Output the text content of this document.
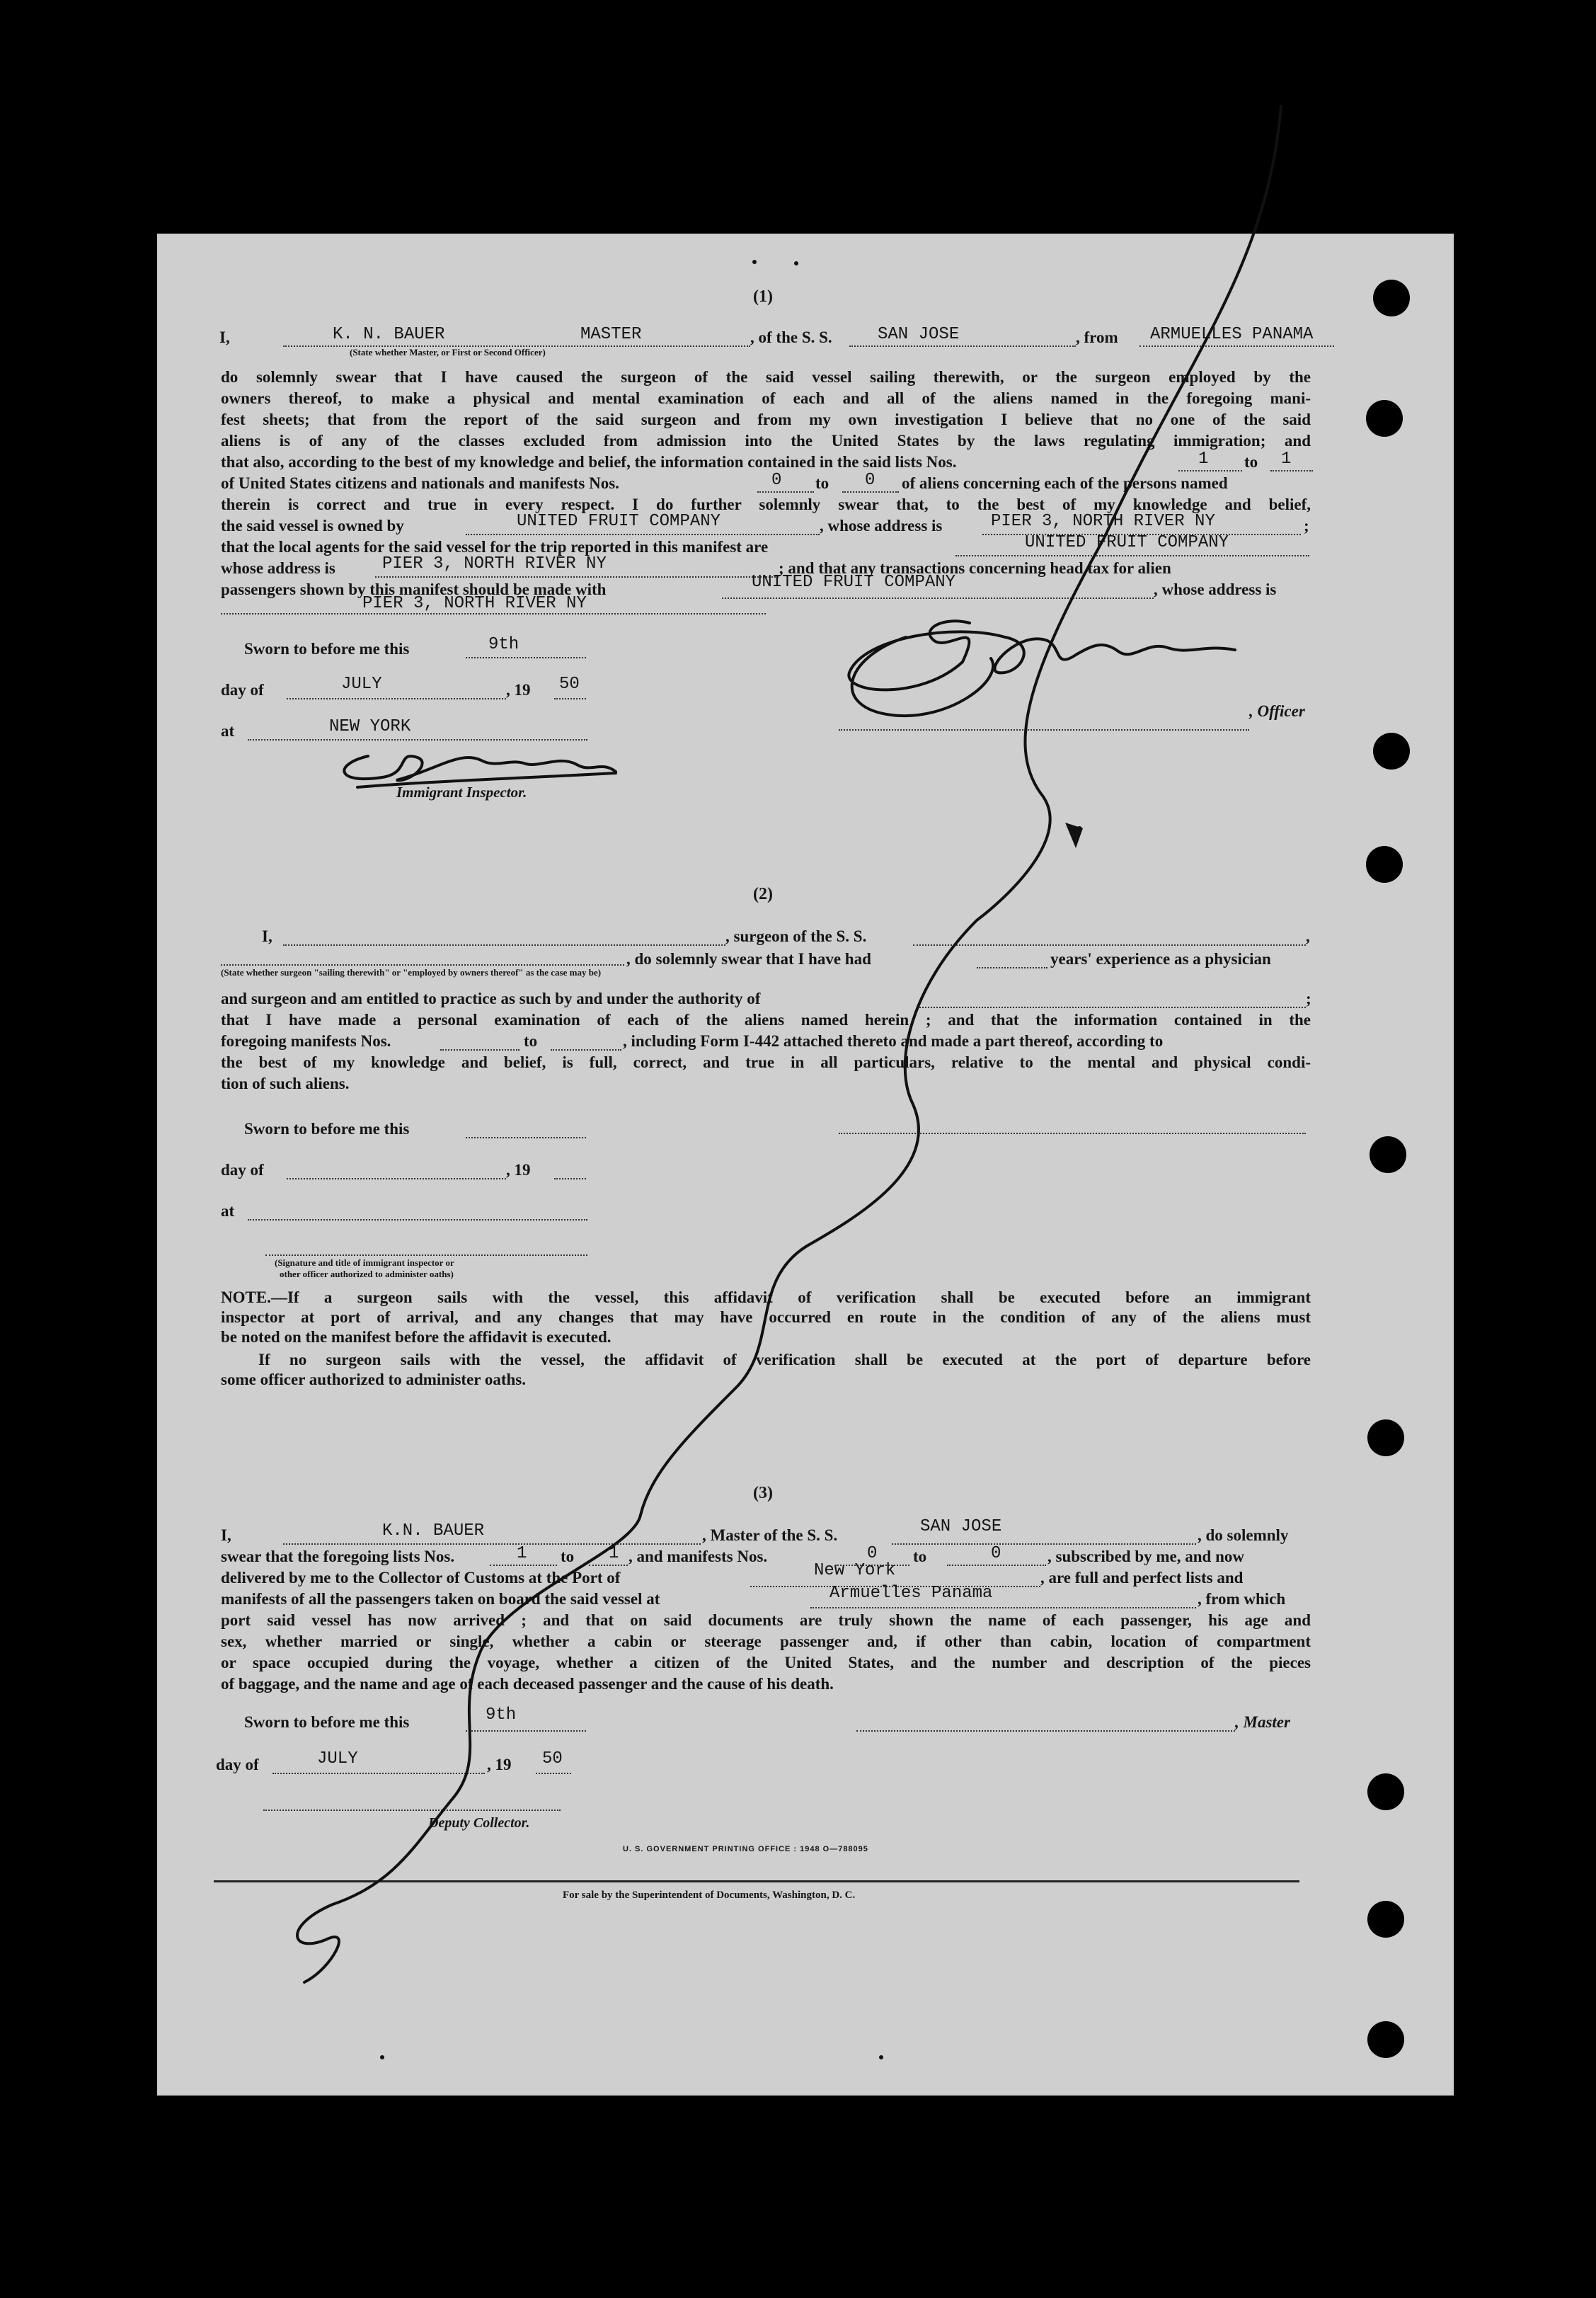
(1)
I,	K. N. BAUER	MASTER
(State whether Master, or First or Second Officer)
, of the S. S.	SAN JOSE	, from ARMUELLES PANAMA
do solemnly swear that I have caused the surgeon of the said vessel sailing therewith, or the surgeon employed by the
owners thereof, to make a physical and mental examination of each and all of the aliens named in the foregoing mani-
fest sheets; that from the report of the said surgeon and from my own investigation I believe that no one of the said
aliens is of any of the classes excluded from admission into the United States by the laws regulating immigration; and
that also, according to the best of my knowledge and belief, the information contained in the said lists Nos.	1 to 1
of United States citizens and nationals and manifests Nos.	0 to 0 of aliens concerning each of the persons named
therein is correct and true in every respect. I do further solemnly swear that, to the best of my knowledge and belief,
the said vessel is owned by	UNITED FRUIT COMPANY	, whose address is	PIER 3, NORTH RIVER NY	;
that the local agents for the said vessel for the trip reported in this manifest are	UNITED FRUIT COMPANY
whose address is	PIER 3, NORTH RIVER NY	; and that any transactions concerning head tax for alien
passengers shown by this manifest should be made with	UNITED FRUIT COMPANY	, whose address is
PIER 3, NORTH RIVER NY
Sworn to before me this	9th
day of	JULY	, 19 50
at	NEW YORK
, Officer
Immigrant Inspector.
(2)
I,	, surgeon of the S. S.	,
(State whether surgeon "sailing therewith" or "employed by owners thereof" as the case may be)
, do solemnly swear that I have had	years' experience as a physician
and surgeon and am entitled to practice as such by and under the authority of	;
that I have made a personal examination of each of the aliens named herein ; and that the information contained in the
foregoing manifests Nos.	to	, including Form I-442 attached thereto and made a part thereof, according to
the best of my knowledge and belief, is full, correct, and true in all particulars, relative to the mental and physical condi-
tion of such aliens.
Sworn to before me this
day of	, 19
at
(Signature and title of immigrant inspector or
other officer authorized to administer oaths)
NOTE.—If a surgeon sails with the vessel, this affidavit of verification shall be executed before an immigrant
inspector at port of arrival, and any changes that may have occurred en route in the condition of any of the aliens must
be noted on the manifest before the affidavit is executed.
If no surgeon sails with the vessel, the affidavit of verification shall be executed at the port of departure before
some officer authorized to administer oaths.
(3)
I,	K.N. BAUER	, Master of the S. S.	SAN JOSE	, do solemnly
swear that the foregoing lists Nos.	1 to 1 , and manifests Nos.	0 to	0	, subscribed by me, and now
delivered by me to the Collector of Customs at the Port of	New York	, are full and perfect lists and
manifests of all the passengers taken on board the said vessel at	Armuelles Panama	, from which
port said vessel has now arrived ; and that on said documents are truly shown the name of each passenger, his age and
sex, whether married or single, whether a cabin or steerage passenger and, if other than cabin, location of compartment
or space occupied during the voyage, whether a citizen of the United States, and the number and description of the pieces
of baggage, and the name and age of each deceased passenger and the cause of his death.
Sworn to before me this	9th	, Master
day of	JULY	, 19 50
Deputy Collector.
U. S. GOVERNMENT PRINTING OFFICE : 1948 O—788095
For sale by the Superintendent of Documents, Washington, D. C.
